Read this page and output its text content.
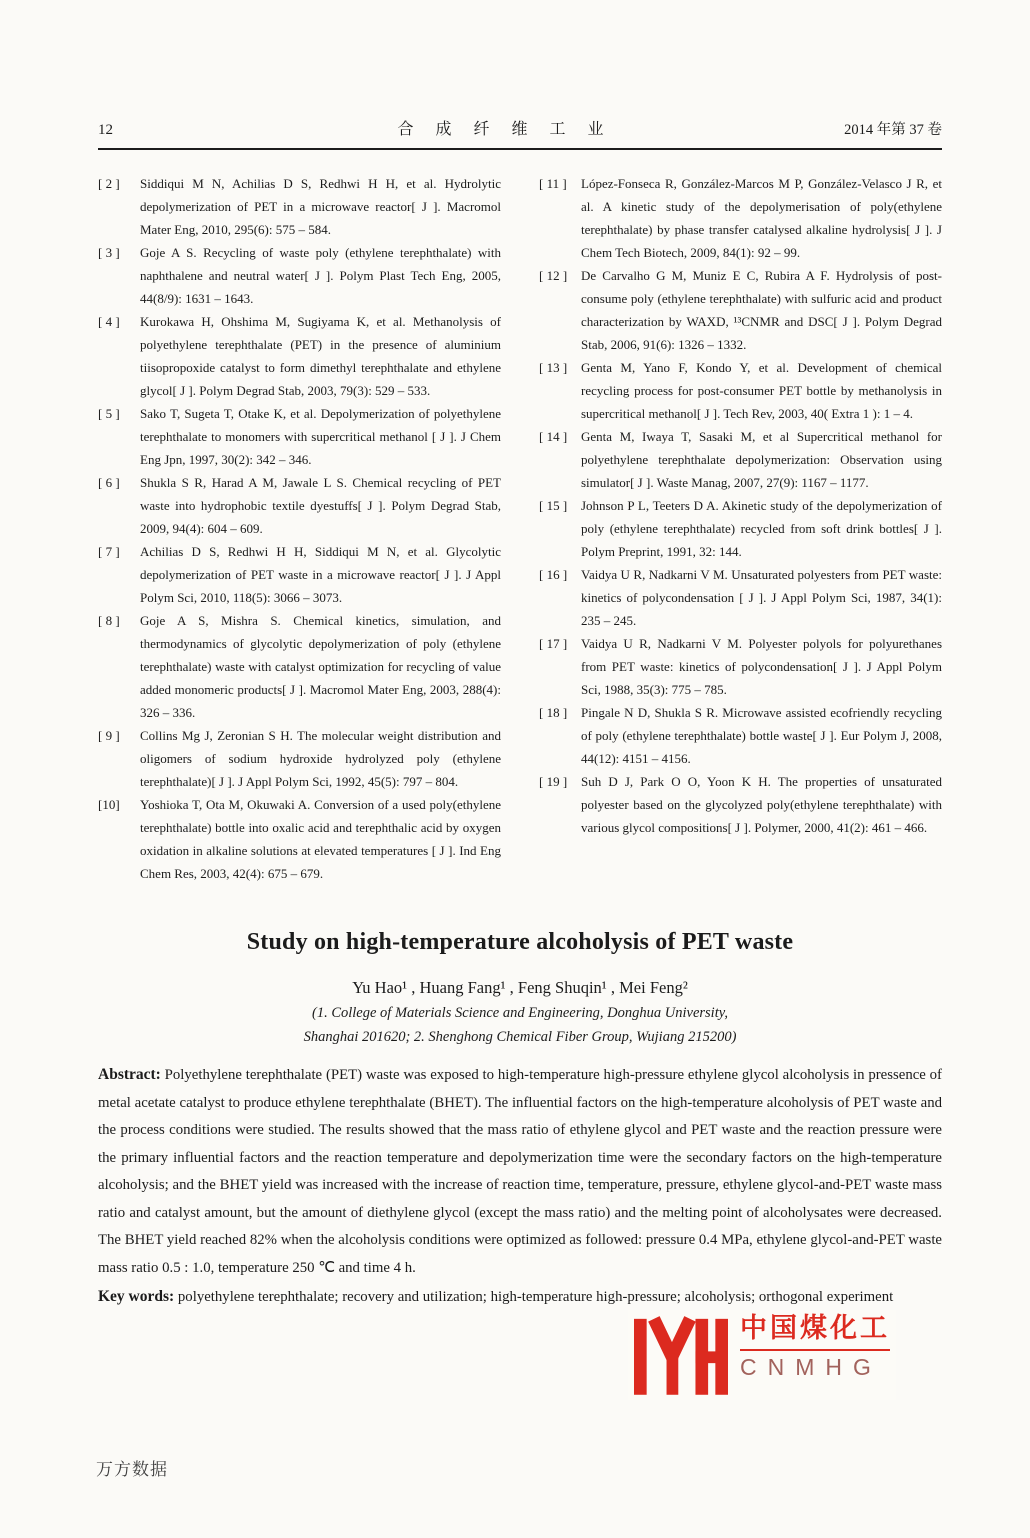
12	合 成 纤 维 工 业	2014 年第 37 卷
[ 2 ]	Siddiqui M N, Achilias D S, Redhwi H H, et al. Hydrolytic depolymerization of PET in a microwave reactor[ J ]. Macromol Mater Eng, 2010, 295(6): 575 – 584.
[ 3 ]	Goje A S. Recycling of waste poly (ethylene terephthalate) with naphthalene and neutral water[ J ]. Polym Plast Tech Eng, 2005, 44(8/9): 1631 – 1643.
[ 4 ]	Kurokawa H, Ohshima M, Sugiyama K, et al. Methanolysis of polyethylene terephthalate (PET) in the presence of aluminium tiisopropoxide catalyst to form dimethyl terephthalate and ethylene glycol[ J ]. Polym Degrad Stab, 2003, 79(3): 529 – 533.
[ 5 ]	Sako T, Sugeta T, Otake K, et al. Depolymerization of polyethylene terephthalate to monomers with supercritical methanol [ J ]. J Chem Eng Jpn, 1997, 30(2): 342 – 346.
[ 6 ]	Shukla S R, Harad A M, Jawale L S. Chemical recycling of PET waste into hydrophobic textile dyestuffs[ J ]. Polym Degrad Stab, 2009, 94(4): 604 – 609.
[ 7 ]	Achilias D S, Redhwi H H, Siddiqui M N, et al. Glycolytic depolymerization of PET waste in a microwave reactor[ J ]. J Appl Polym Sci, 2010, 118(5): 3066 – 3073.
[ 8 ]	Goje A S, Mishra S. Chemical kinetics, simulation, and thermodynamics of glycolytic depolymerization of poly (ethylene terephthalate) waste with catalyst optimization for recycling of value added monomeric products[ J ]. Macromol Mater Eng, 2003, 288(4): 326 – 336.
[ 9 ]	Collins Mg J, Zeronian S H. The molecular weight distribution and oligomers of sodium hydroxide hydrolyzed poly (ethylene terephthalate)[ J ]. J Appl Polym Sci, 1992, 45(5): 797 – 804.
[10]	Yoshioka T, Ota M, Okuwaki A. Conversion of a used poly(ethylene terephthalate) bottle into oxalic acid and terephthalic acid by oxygen oxidation in alkaline solutions at elevated temperatures [ J ]. Ind Eng Chem Res, 2003, 42(4): 675 – 679.
[ 11 ]	López-Fonseca R, González-Marcos M P, González-Velasco J R, et al. A kinetic study of the depolymerisation of poly(ethylene terephthalate) by phase transfer catalysed alkaline hydrolysis[ J ]. J Chem Tech Biotech, 2009, 84(1): 92 – 99.
[ 12 ]	De Carvalho G M, Muniz E C, Rubira A F. Hydrolysis of post-consume poly (ethylene terephthalate) with sulfuric acid and product characterization by WAXD, ¹³CNMR and DSC[ J ]. Polym Degrad Stab, 2006, 91(6): 1326 – 1332.
[ 13 ]	Genta M, Yano F, Kondo Y, et al. Development of chemical recycling process for post-consumer PET bottle by methanolysis in supercritical methanol[ J ]. Tech Rev, 2003, 40( Extra 1 ): 1 – 4.
[ 14 ]	Genta M, Iwaya T, Sasaki M, et al Supercritical methanol for polyethylene terephthalate depolymerization: Observation using simulator[ J ]. Waste Manag, 2007, 27(9): 1167 – 1177.
[ 15 ]	Johnson P L, Teeters D A. Akinetic study of the depolymerization of poly (ethylene terephthalate) recycled from soft drink bottles[ J ]. Polym Preprint, 1991, 32: 144.
[ 16 ]	Vaidya U R, Nadkarni V M. Unsaturated polyesters from PET waste: kinetics of polycondensation [ J ]. J Appl Polym Sci, 1987, 34(1): 235 – 245.
[ 17 ]	Vaidya U R, Nadkarni V M. Polyester polyols for polyurethanes from PET waste: kinetics of polycondensation[ J ]. J Appl Polym Sci, 1988, 35(3): 775 – 785.
[ 18 ]	Pingale N D, Shukla S R. Microwave assisted ecofriendly recycling of poly (ethylene terephthalate) bottle waste[ J ]. Eur Polym J, 2008, 44(12): 4151 – 4156.
[ 19 ]	Suh D J, Park O O, Yoon K H. The properties of unsaturated polyester based on the glycolyzed poly(ethylene terephthalate) with various glycol compositions[ J ]. Polymer, 2000, 41(2): 461 – 466.
Study on high-temperature alcoholysis of PET waste
Yu Hao¹ , Huang Fang¹ , Feng Shuqin¹ , Mei Feng²
(1. College of Materials Science and Engineering, Donghua University,
Shanghai 201620; 2. Shenghong Chemical Fiber Group, Wujiang 215200)

Abstract: Polyethylene terephthalate (PET) waste was exposed to high-temperature high-pressure ethylene glycol alcoholysis in pressence of metal acetate catalyst to produce ethylene terephthalate (BHET). The influential factors on the high-temperature alcoholysis of PET waste and the process conditions were studied. The results showed that the mass ratio of ethylene glycol and PET waste and the reaction pressure were the primary influential factors and the reaction temperature and depolymerization time were the secondary factors on the high-temperature alcoholysis; and the BHET yield was increased with the increase of reaction time, temperature, pressure, ethylene glycol-and-PET waste mass ratio and catalyst amount, but the amount of diethylene glycol (except the mass ratio) and the melting point of alcoholysates were decreased. The BHET yield reached 82% when the alcoholysis conditions were optimized as followed: pressure 0.4 MPa, ethylene glycol-and-PET waste mass ratio 0.5 : 1.0, temperature 250 ℃ and time 4 h.

Key words: polyethylene terephthalate; recovery and utilization; high-temperature high-pressure; alcoholysis; orthogonal experiment

中国煤化工
CNMHG
万方数据
